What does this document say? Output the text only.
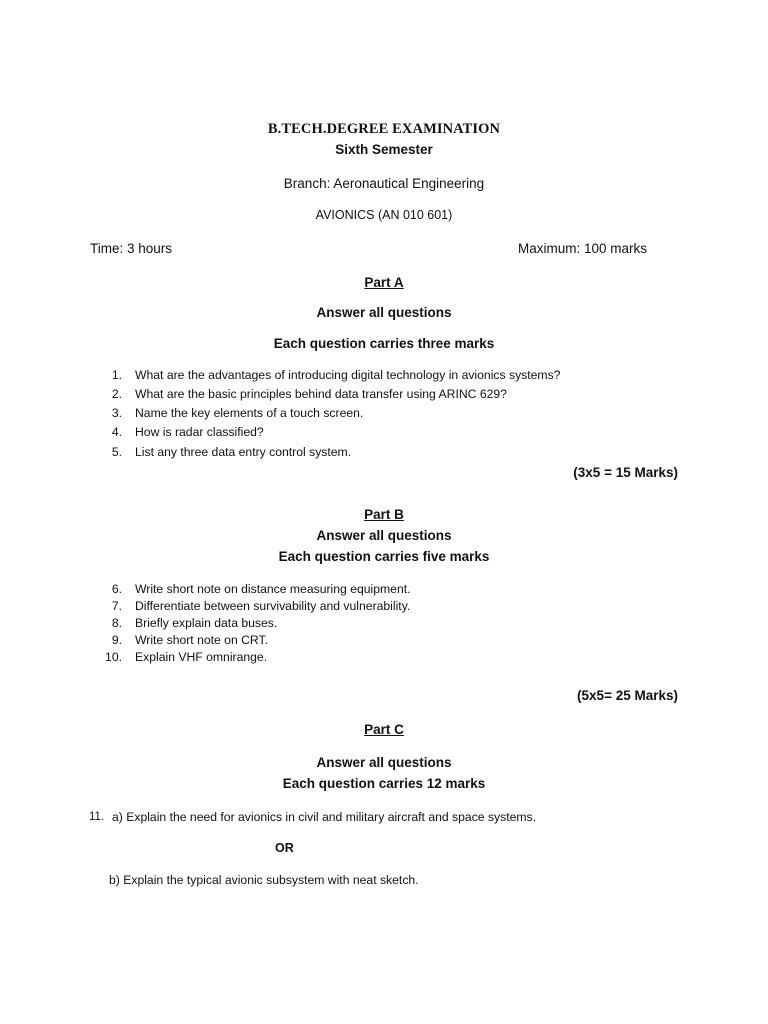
B.TECH.DEGREE EXAMINATION
Sixth Semester
Branch: Aeronautical Engineering
AVIONICS (AN 010 601)
Time: 3 hours	Maximum: 100 marks
Part A
Answer all questions
Each question carries three marks
1. What are the advantages of introducing digital technology in avionics systems?
2. What are the basic principles behind data transfer using ARINC 629?
3. Name the key elements of a touch screen.
4. How is radar classified?
5. List any three data entry control system.
(3x5 = 15 Marks)
Part B
Answer all questions
Each question carries five marks
6. Write short note on distance measuring equipment.
7. Differentiate between survivability and vulnerability.
8. Briefly explain data buses.
9. Write short note on CRT.
10. Explain VHF omnirange.
(5x5= 25 Marks)
Part C
Answer all questions
Each question carries 12 marks
11. a) Explain the need for avionics in civil and military aircraft and space systems.
OR
b) Explain the typical avionic subsystem with neat sketch.
